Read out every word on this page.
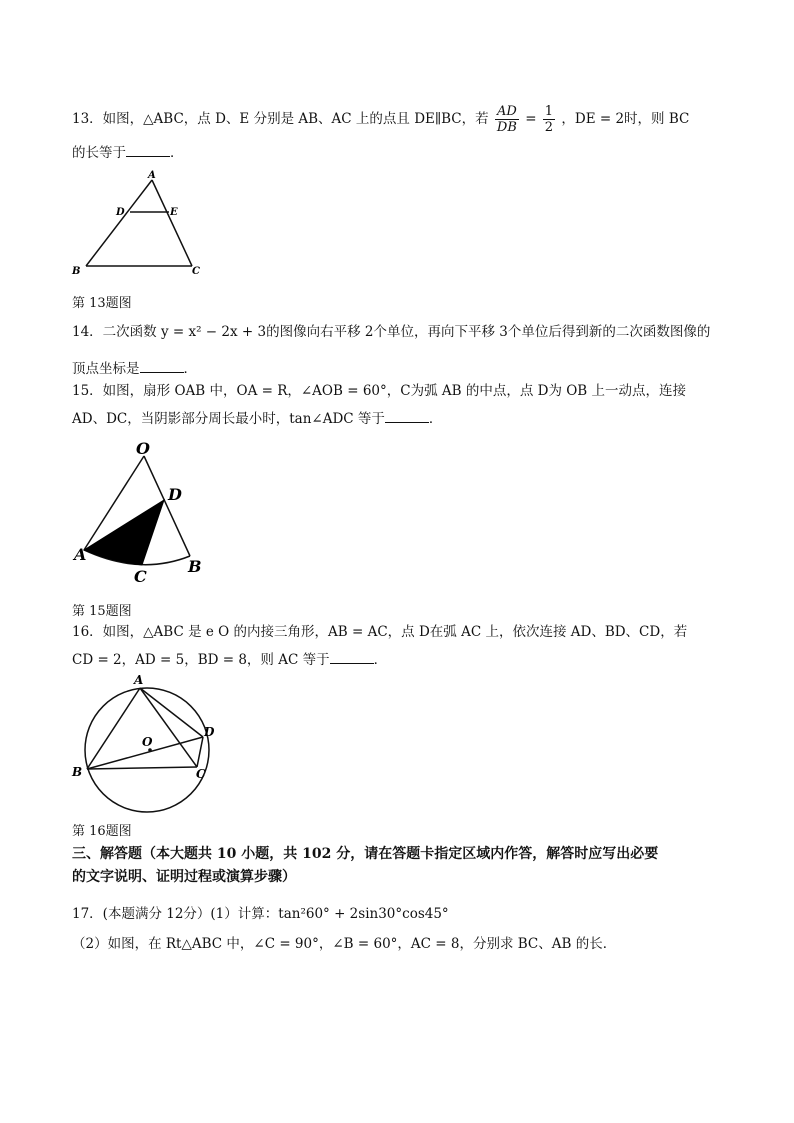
13．如图，△ABC，点 D、E 分别是 AB、AC 上的点且 DE∥BC，若 $\frac{AD}{DB} = \frac{1}{2}$ ，DE = 2时，则 BC
的长等于	．
A
D	E
B	C
第 13题图
14．二次函数 y = x² − 2x + 3的图像向右平移 2个单位，再向下平移 3个单位后得到新的二次函数图像的
顶点坐标是	．
15．如图，扇形 OAB 中，OA = R，∠AOB = 60°，C为弧 AB 的中点，点 D为 OB 上一动点，连接
AD、DC，当阴影部分周长最小时，tan∠ADC 等于	．
O
D
A
C
B
第 15题图
16．如图，△ABC 是 e O 的内接三角形，AB = AC，点 D在弧 AC 上，依次连接 AD、BD、CD，若
CD = 2，AD = 5，BD = 8，则 AC 等于	．
A
O
D
B	C
第 16题图
三、解答题（本大题共 10 小题，共 102 分，请在答题卡指定区域内作答，解答时应写出必要
的文字说明、证明过程或演算步骤）
17．(本题满分 12分）(1）计算：tan²60° + 2sin30°cos45°
（2）如图，在 Rt△ABC 中，∠C = 90°，∠B = 60°，AC = 8，分别求 BC、AB 的长．
